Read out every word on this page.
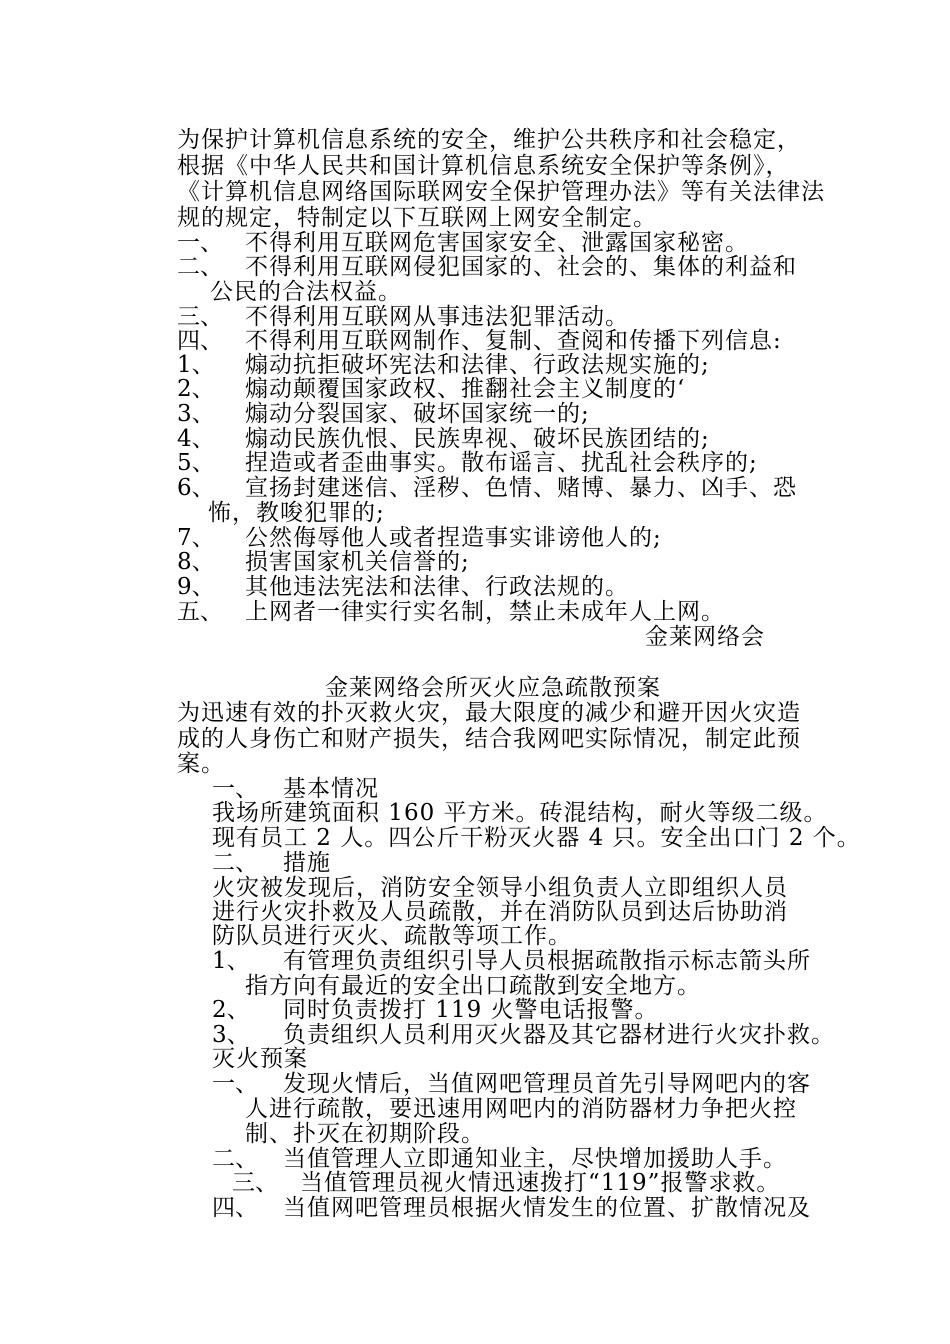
为保护计算机信息系统的安全，维护公共秩序和社会稳定，
根据《中华人民共和国计算机信息系统安全保护等条例》，
《计算机信息网络国际联网安全保护管理办法》等有关法律法
规的规定，特制定以下互联网上网安全制定。
一、 不得利用互联网危害国家安全、泄露国家秘密。
二、 不得利用互联网侵犯国家的、社会的、集体的利益和
公民的合法权益。
三、 不得利用互联网从事违法犯罪活动。
四、 不得利用互联网制作、复制、查阅和传播下列信息:
1、 煽动抗拒破坏宪法和法律、行政法规实施的;
2、 煽动颠覆国家政权、推翻社会主义制度的‘
3、 煽动分裂国家、破坏国家统一的;
4、 煽动民族仇恨、民族卑视、破坏民族团结的;
5、 捏造或者歪曲事实。散布谣言、扰乱社会秩序的;
6、 宣扬封建迷信、淫秽、色情、赌博、暴力、凶手、恐
怖，教唆犯罪的;
7、 公然侮辱他人或者捏造事实诽谤他人的;
8、 损害国家机关信誉的;
9、 其他违法宪法和法律、行政法规的。
五、 上网者一律实行实名制，禁止未成年人上网。
金莱网络会
金莱网络会所灭火应急疏散预案
为迅速有效的扑灭救火灾，最大限度的减少和避开因火灾造
成的人身伤亡和财产损失，结合我网吧实际情况，制定此预
案。
一、 基本情况
我场所建筑面积 160 平方米。砖混结构，耐火等级二级。
现有员工 2 人。四公斤干粉灭火器 4 只。安全出口门 2 个。
二、 措施
火灾被发现后，消防安全领导小组负责人立即组织人员
进行火灾扑救及人员疏散，并在消防队员到达后协助消
防队员进行灭火、疏散等项工作。
1、 有管理负责组织引导人员根据疏散指示标志箭头所
指方向有最近的安全出口疏散到安全地方。
2、 同时负责拨打 119 火警电话报警。
3、 负责组织人员利用灭火器及其它器材进行火灾扑救。
灭火预案
一、 发现火情后，当值网吧管理员首先引导网吧内的客
人进行疏散，要迅速用网吧内的消防器材力争把火控
制、扑灭在初期阶段。
二、 当值管理人立即通知业主，尽快增加援助人手。
三、 当值管理员视火情迅速拨打“119”报警求救。
四、 当值网吧管理员根据火情发生的位置、扩散情况及
